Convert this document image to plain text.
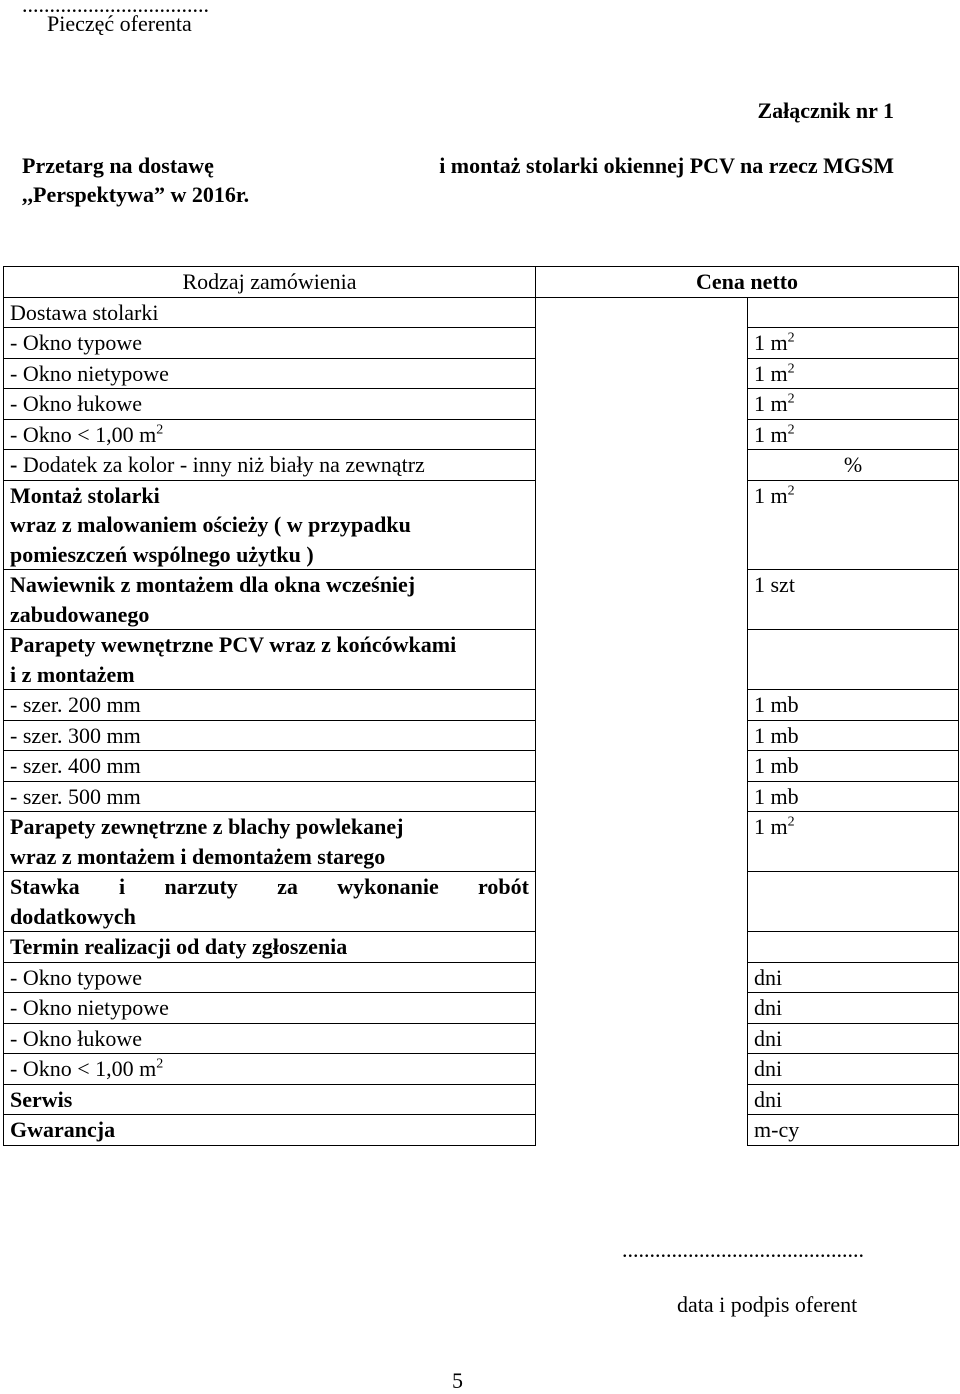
..................................
Pieczęć oferenta
Załącznik nr 1
Przetarg na dostawę	i montaż stolarki okiennej PCV na rzecz MGSM
,,Perspektywa” w 2016r.
Rodzaj zamówienia	Cena netto	
Dostawa stolarki		
- Okno typowe		1 $m^2$
- Okno nietypowe		1 $m^2$
- Okno łukowe		1 $m^2$
- Okno < 1,00 $m^2$		1 $m^2$
- Dodatek za kolor - inny niż biały na zewnątrz		%

Montaż stolarki
wraz z malowaniem ościeży ( w przypadku
pomieszczeń wspólnego użytku )		1 $m^2$

Nawiewnik z montażem dla okna wcześniej
zabudowanego		1 szt

Parapety wewnętrzne PCV wraz z końcówkami
i z montażem		

- szer. 200 mm		1 mb
- szer. 300 mm		1 mb
- szer. 400 mm		1 mb
- szer. 500 mm		1 mb

Parapety zewnętrzne z blachy powlekanej
wraz z montażem i demontażem starego		1 $m^2$

Stawka i narzuty za wykonanie robót
dodatkowych		

Termin realizacji od daty zgłoszenia		
- Okno typowe		dni
- Okno nietypowe		dni
- Okno łukowe		dni
- Okno < 1,00 $m^2$		dni
Serwis		dni
Gwarancja		m-cy
............................................
data i podpis oferent
5
